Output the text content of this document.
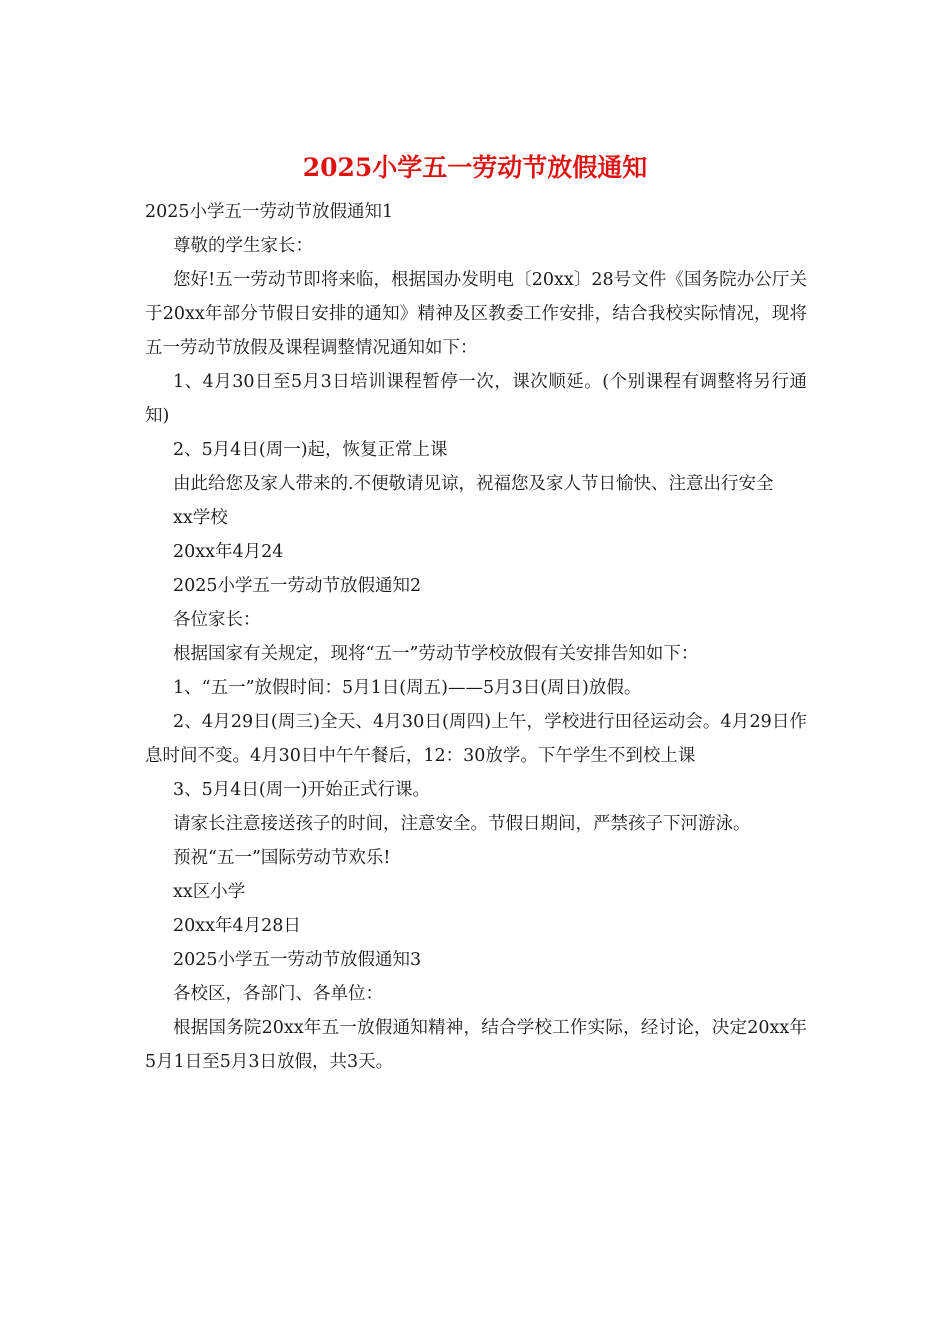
2025小学五一劳动节放假通知

2025小学五一劳动节放假通知1

尊敬的学生家长：

您好!五一劳动节即将来临，根据国办发明电〔20xx〕28号文件《国务院办公厅关于20xx年部分节假日安排的通知》精神及区教委工作安排，结合我校实际情况，现将五一劳动节放假及课程调整情况通知如下：

1、4月30日至5月3日培训课程暂停一次，课次顺延。(个别课程有调整将另行通知)

2、5月4日(周一)起，恢复正常上课

由此给您及家人带来的.不便敬请见谅，祝福您及家人节日愉快、注意出行安全

xx学校

20xx年4月24

2025小学五一劳动节放假通知2

各位家长：

根据国家有关规定，现将“五一”劳动节学校放假有关安排告知如下：

1、“五一”放假时间：5月1日(周五)——5月3日(周日)放假。

2、4月29日(周三)全天、4月30日(周四)上午，学校进行田径运动会。4月29日作息时间不变。4月30日中午午餐后，12：30放学。下午学生不到校上课

3、5月4日(周一)开始正式行课。

请家长注意接送孩子的时间，注意安全。节假日期间，严禁孩子下河游泳。

预祝“五一”国际劳动节欢乐!

xx区小学

20xx年4月28日

2025小学五一劳动节放假通知3

各校区，各部门、各单位：

根据国务院20xx年五一放假通知精神，结合学校工作实际，经讨论，决定20xx年5月1日至5月3日放假，共3天。
